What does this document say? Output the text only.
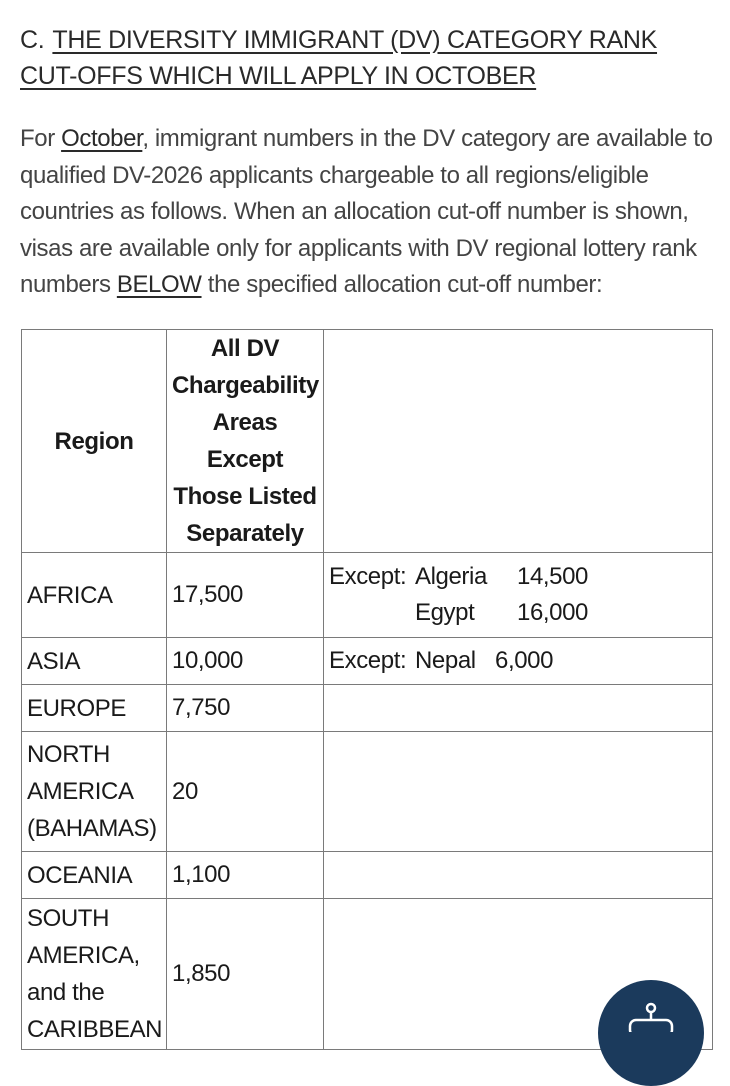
C. THE DIVERSITY IMMIGRANT (DV) CATEGORY RANK CUT-OFFS WHICH WILL APPLY IN OCTOBER
For October, immigrant numbers in the DV category are available to qualified DV-2026 applicants chargeable to all regions/eligible countries as follows. When an allocation cut-off number is shown, visas are available only for applicants with DV regional lottery rank numbers BELOW the specified allocation cut-off number:
Region	All DV Chargeability Areas Except Those Listed Separately	
AFRICA	17,500	Except: Algeria 14,500
Egypt 16,000

ASIA	10,000	Except: Nepal 6,000

EUROPE	7,750	
NORTH AMERICA (BAHAMAS)	20	
OCEANIA	1,100	
SOUTH AMERICA, and the CARIBBEAN	1,850	
